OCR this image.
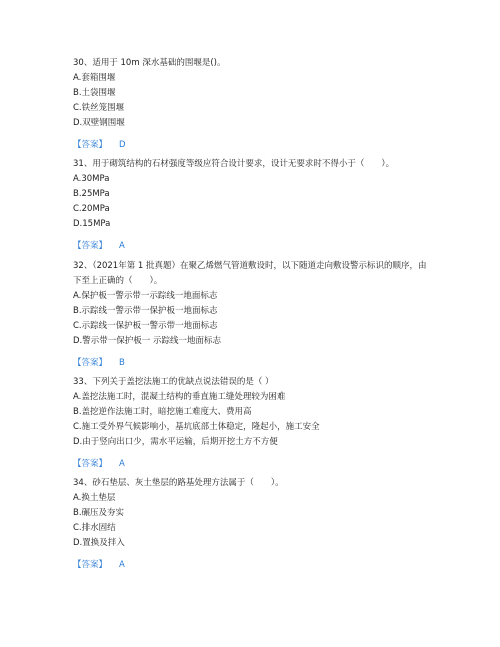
30、适用于 10m 深水基础的围堰是()。

A.套箱围堰

B.土袋围堰

C.铁丝笼围堰

D.双壁钢围堰

【答案】 D

31、用于砌筑结构的石材强度等级应符合设计要求，设计无要求时不得小于（　　）。

A.30MPa

B.25MPa

C.20MPa

D.15MPa

【答案】 A

32、（2021年第 1 批真题）在聚乙烯燃气管道敷设时，以下随道走向敷设警示标识的顺序，由下至上正确的（　　）。

A.保护板一警示带一示踪线一地面标志

B.示踪线一警示带一保护板一地面标志

C.示踪线一保护板一警示带一地面标志

D.警示带一保护板一 示踪线一地面标志

【答案】 B

33、下列关于盖挖法施工的优缺点说法错误的是（ ）

A.盖挖法施工时，混凝土结构的垂直施工缝处理较为困难

B.盖挖逆作法施工时，暗挖施工难度大、费用高

C.施工受外界气候影响小，基坑底部土体稳定，隆起小，施工安全

D.由于竖向出口少，需水平运输，后期开挖土方不方便

【答案】 A

34、砂石垫层、灰土垫层的路基处理方法属于（　　）。

A.换土垫层

B.碾压及夯实

C.排水固结

D.置换及拌入

【答案】 A
